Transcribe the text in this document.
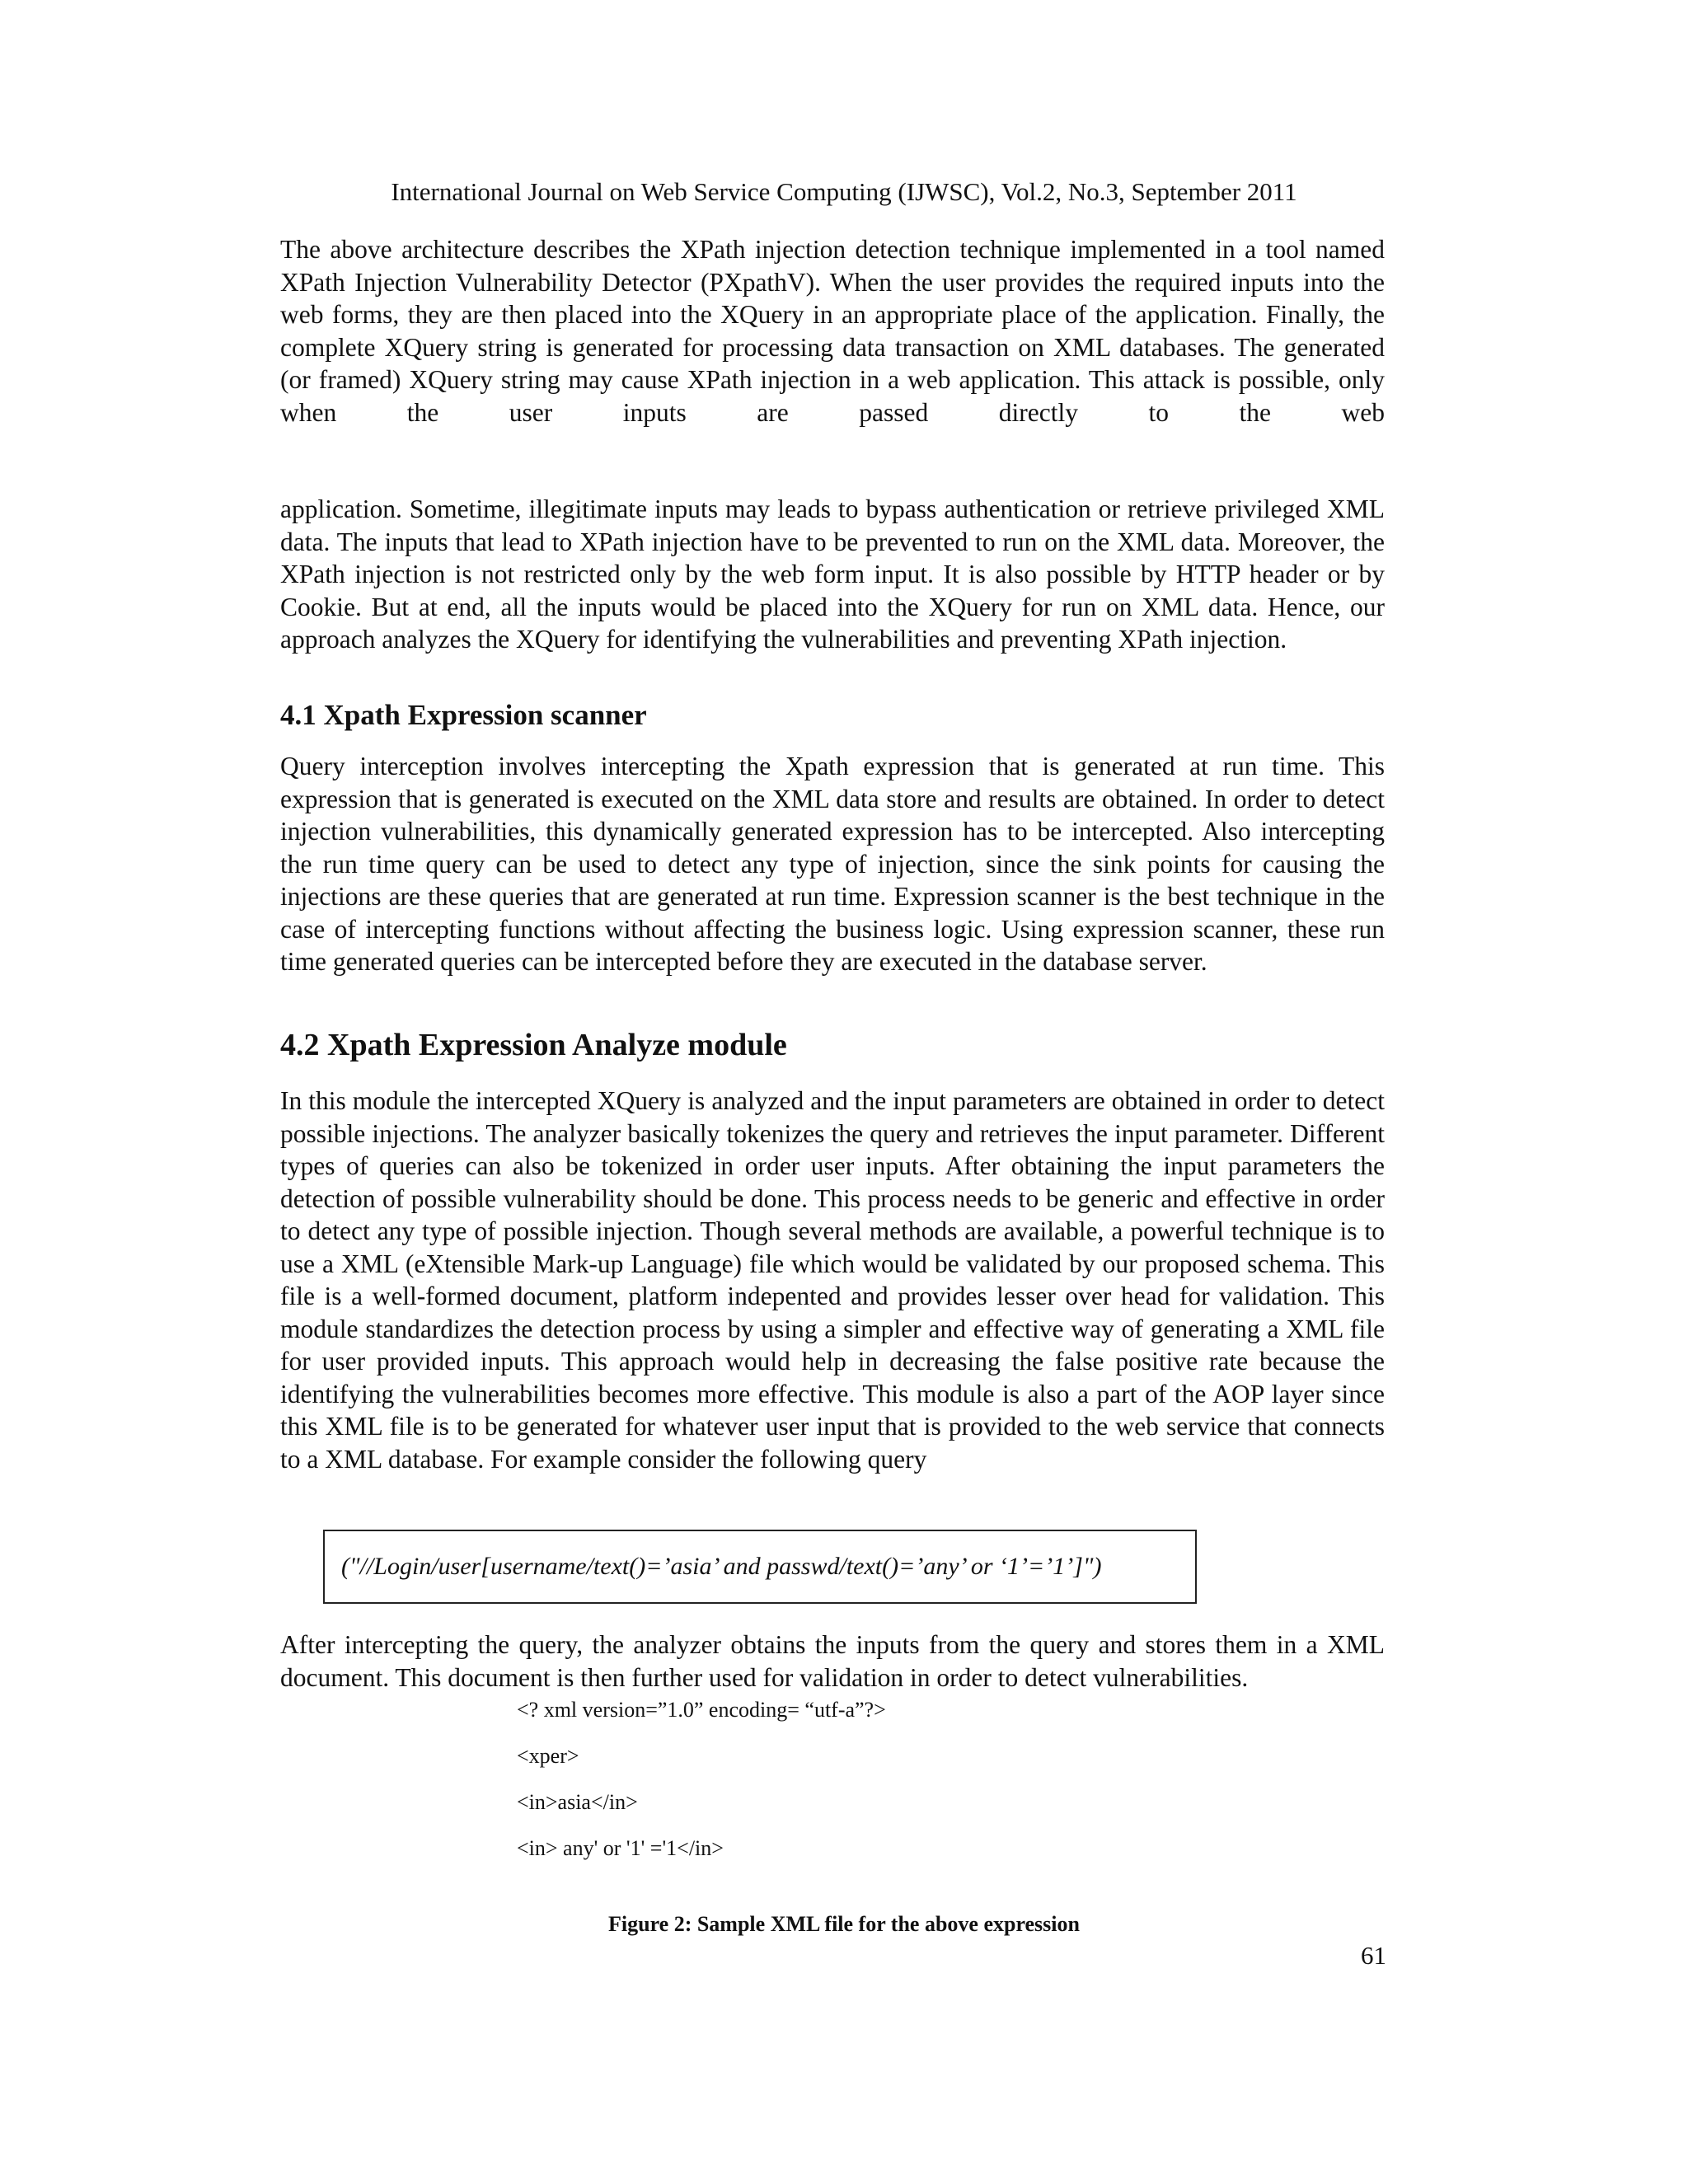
International Journal on Web Service Computing (IJWSC), Vol.2, No.3, September 2011

The above architecture describes the XPath injection detection technique implemented in a tool named XPath Injection Vulnerability Detector (PXpathV). When the user provides the required inputs into the web forms, they are then placed into the XQuery in an appropriate place of the application. Finally, the complete XQuery string is generated for processing data transaction on XML databases. The generated (or framed) XQuery string may cause XPath injection in a web application. This attack is possible, only when the user inputs are passed directly to the web

application. Sometime, illegitimate inputs may leads to bypass authentication or retrieve privileged XML data. The inputs that lead to XPath injection have to be prevented to run on the XML data. Moreover, the XPath injection is not restricted only by the web form input. It is also possible by HTTP header or by Cookie. But at end, all the inputs would be placed into the XQuery for run on XML data. Hence, our approach analyzes the XQuery for identifying the vulnerabilities and preventing XPath injection.

4.1 Xpath Expression scanner

Query interception involves intercepting the Xpath expression that is generated at run time. This expression that is generated is executed on the XML data store and results are obtained. In order to detect injection vulnerabilities, this dynamically generated expression has to be intercepted. Also intercepting the run time query can be used to detect any type of injection, since the sink points for causing the injections are these queries that are generated at run time. Expression scanner is the best technique in the case of intercepting functions without affecting the business logic. Using expression scanner, these run time generated queries can be intercepted before they are executed in the database server.

4.2 Xpath Expression Analyze module

In this module the intercepted XQuery is analyzed and the input parameters are obtained in order to detect possible injections. The analyzer basically tokenizes the query and retrieves the input parameter. Different types of queries can also be tokenized in order user inputs. After obtaining the input parameters the detection of possible vulnerability should be done. This process needs to be generic and effective in order to detect any type of possible injection. Though several methods are available, a powerful technique is to use a XML (eXtensible Mark-up Language) file which would be validated by our proposed schema. This file is a well-formed document, platform indepented and provides lesser over head for validation. This module standardizes the detection process by using a simpler and effective way of generating a XML file for user provided inputs. This approach would help in decreasing the false positive rate because the identifying the vulnerabilities becomes more effective. This module is also a part of the AOP layer since this XML file is to be generated for whatever user input that is provided to the web service that connects to a XML database. For example consider the following query

("//Login/user[username/text()=’asia’ and passwd/text()=’any’ or ‘1’=’1’]")

After intercepting the query, the analyzer obtains the inputs from the query and stores them in a XML document. This document is then further used for validation in order to detect vulnerabilities.

<? xml version=”1.0” encoding= “utf-a”?>
<xper>
<in>asia</in>
<in> any' or '1' ='1</in>
Figure 2: Sample XML file for the above expression
61
